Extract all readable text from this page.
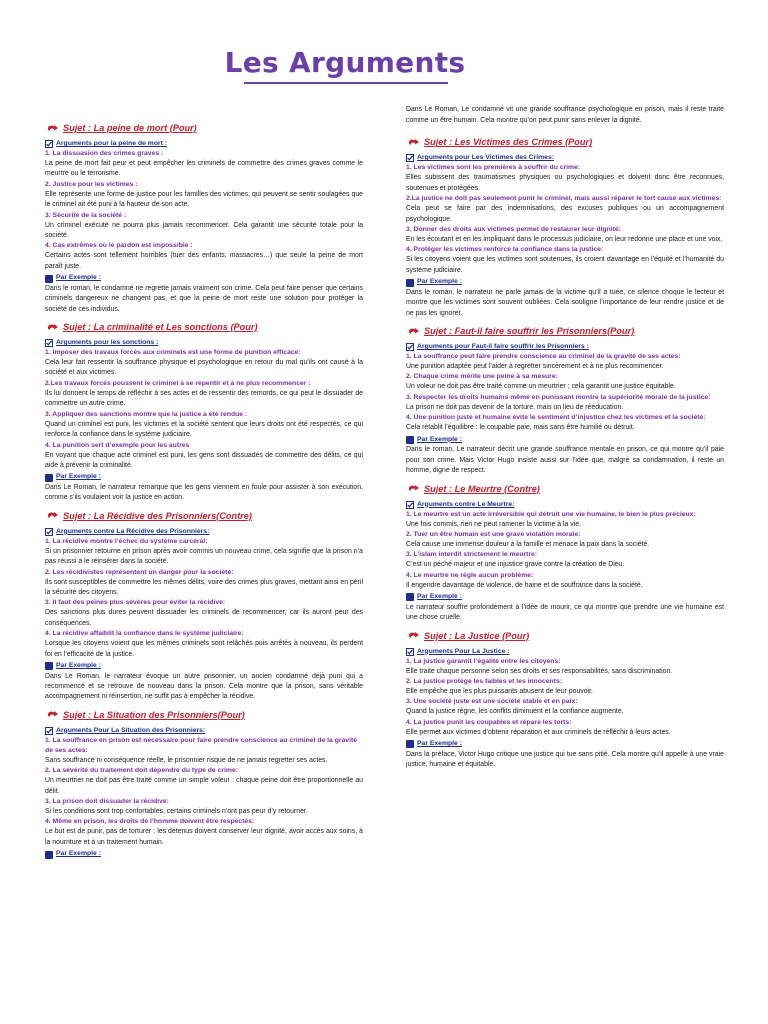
Les Arguments
Sujet : La peine de mort (Pour)
Arguments pour la peine de mort :
1. La dissuasion des crimes graves :
La peine de mort fait peur et peut empêcher les criminels de commettre des crimes graves comme le meurtre ou le terrorisme.
2. Justice pour les victimes :
Elle représente une forme de justice pour les familles des victimes, qui peuvent se sentir soulagées que le criminel ait été puni à la hauteur de son acte.
3. Sécurité de la société :
Un criminel exécuté ne pourra plus jamais recommencer. Cela garantit une sécurité totale pour la société.
4. Cas extrêmes où le pardon est impossible :
Certains actes sont tellement horribles (tuer des enfants, massacres…) que seule la peine de mort paraît juste.
Par Exemple :
Dans le roman, le condamné ne regrette jamais vraiment son crime. Cela peut faire penser que certains criminels dangereux ne changent pas, et que la peine de mort reste une solution pour protéger la société de ces individus.
Sujet : La criminalité et Les sonctions (Pour)
Arguments pour les sonctions :
1. Imposer des travaux forcés aux criminels est une forme de punition efficace:
Cela leur fait ressentir la souffrance physique et psychologique en retour du mal qu’ils ont causé à la société et aux victimes.
2.Les travaux forcés poussent le criminel à se repentir et à ne plus recommencer :
Ils lui donnent le temps de réfléchir à ses actes et de ressentir des remords, ce qui peut le dissuader de commettre un autre crime.
3. Appliquer des sanctions montre que la justice a été rendue :
Quand un criminel est puni, les victimes et la société sentent que leurs droits ont été respectés, ce qui renforce la confiance dans le système judiciaire.
4. La punition sert d’exemple pour les autres
En voyant que chaque acte criminel est puni, les gens sont dissuadés de commettre des délits, ce qui aide à prévenir la criminalité.
Par Exemple :
Dans Le Roman, le narrateur remarque que les gens viennent en foule pour assister à son exécution, comme s’ils voulaient voir la justice en action.
Sujet : La Récidive des Prisonniers(Contre)
Arguments contre La Récidive des Prisonniers:
1. La récidive montre l’échec du système carcéral:
Si un prisonnier retourne en prison après avoir commis un nouveau crime, cela signifie que la prison n’a pas réussi à le réinsérer dans la société.
2. Les récidivistes représentent un danger pour la société:
Ils sont susceptibles de commettre les mêmes délits, voire des crimes plus graves, mettant ainsi en péril la sécurité des citoyens.
3. Il faut des peines plus sévères pour éviter la récidive:
Des sanctions plus dures peuvent dissuader les criminels de recommencer, car ils auront peur des conséquences.
4. La récidive affaiblit la confiance dans le système judiciaire:
Lorsque les citoyens voient que les mêmes criminels sont relâchés puis arrêtés à nouveau, ils perdent foi en l’efficacité de la justice.
Par Exemple :
Dans Le Roman, le narrateur évoque un autre prisonnier, un ancien condamné déjà puni qui a recommencé et se retrouve de nouveau dans la prison. Cela montre que la prison, sans véritable accompagnement ni réinsertion, ne suffit pas à empêcher la récidive.
Sujet : La Situation des Prisonniers(Pour)
Arguments Pour La Situation des Prisonniers:
1. La souffrance en prison est nécessaire pour faire prendre conscience au criminel de la gravité de ses actes:
Sans souffrance ni conséquence réelle, le prisonnier risque de ne jamais regretter ses actes.
2. La sévérité du traitement doit dépendre du type de crime:
Un meurtrier ne doit pas être traité comme un simple voleur : chaque peine doit être proportionnelle au délit.
3. La prison doit dissuader la récidive:
Si les conditions sont trop confortables, certains criminels n’ont pas peur d’y retourner.
4. Même en prison, les droits de l’homme doivent être respectés:
Le but est de punir, pas de torturer : les détenus doivent conserver leur dignité, avoir accès aux soins, à la nourriture et à un traitement humain.
Par Exemple :
Dans Le Roman, Le condamné vit une grande souffrance psychologique en prison, mais il reste traité comme un être humain. Cela montre qu’on peut punir sans enlever la dignité.
Sujet : Les Victimes des Crimes (Pour)
Arguments pour Les Victimes des Crimes:
1. Les victimes sont les premières à souffrir du crime:
Elles subissent des traumatismes physiques ou psychologiques et doivent donc être reconnues, soutenues et protégées.
2.La justice ne doit pas seulement punir le criminel, mais aussi réparer le tort causé aux victimes:
Cela peut se faire par des indemnisations, des excuses publiques ou un accompagnement psychologique.
3. Donner des droits aux victimes permet de restaurer leur dignité:
En les écoutant et en les impliquant dans le processus judiciaire, on leur redonne une place et une voix.
4. Protéger les victimes renforce la confiance dans la justice:
Si les citoyens voient que les victimes sont soutenues, ils croient davantage en l’équité et l’humanité du système judiciaire.
Par Exemple :
Dans le roman, le narrateur ne parle jamais de la victime qu’il a tuée, ce silence choque le lecteur et montre que les victimes sont souvent oubliées. Cela souligne l’importance de leur rendre justice et de ne pas les ignorer.
Sujet : Faut-il faire souffrir les Prisonniers(Pour)
Arguments pour Faut-il faire souffrir les Prisonniers :
1. La souffrance peut faire prendre conscience au criminel de la gravité de ses actes:
Une punition adaptée peut l’aider à regretter sincèrement et à ne plus recommencer.
2. Chaque crime mérite une peine à sa mesure:
Un voleur ne doit pas être traité comme un meurtrier ; cela garantit une justice équitable.
3. Respecter les droits humains même en punissant montre la supériorité morale de la justice:
La prison ne doit pas devenir de la torture, mais un lieu de rééducation.
4. Une punition juste et humaine évite le sentiment d’injustice chez les victimes et la société:
Cela rétablit l’équilibre : le coupable paie, mais sans être humilié ou détruit.
Par Exemple :
Dans le roman, Le narrateur décrit une grande souffrance mentale en prison, ce qui montre qu’il paie pour son crime. Mais Victor Hugo insiste aussi sur l’idée que, malgré sa condamnation, il reste un homme, digne de respect.
Sujet : Le Meurtre (Contre)
Arguments contre Le Meurtre:
1. Le meurtre est un acte irréversible qui détruit une vie humaine, le bien le plus précieux:
Une fois commis, rien ne peut ramener la victime à la vie.
2. Tuer un être humain est une grave violation morale:
Cela cause une immense douleur à la famille et menace la paix dans la société.
3. L’islam interdit strictement le meurtre:
C’est un péché majeur et une injustice grave contre la création de Dieu.
4. Le meurtre ne règle aucun problème:
Il engendre davantage de violence, de haine et de souffrance dans la société.
Par Exemple :
Le narrateur souffre profondément à l’idée de mourir, ce qui montre que prendre une vie humaine est une chose cruelle.
Sujet : La Justice (Pour)
Arguments Pour La Justice :
1. La justice garantit l’égalité entre les citoyens:
Elle traite chaque personne selon ses droits et ses responsabilités, sans discrimination.
2. La justice protège les faibles et les innocents:
Elle empêche que les plus puissants abusent de leur pouvoir.
3. Une société juste est une société stable et en paix:
Quand la justice règne, les conflits diminuent et la confiance augmente.
4. La justice punit les coupables et répare les torts:
Elle permet aux victimes d’obtenir réparation et aux criminels de réfléchir à leurs actes.
Par Exemple :
Dans la préface, Victor Hugo critique une justice qui tue sans pitié. Cela montre qu’il appelle à une vraie justice, humaine et équitable.
